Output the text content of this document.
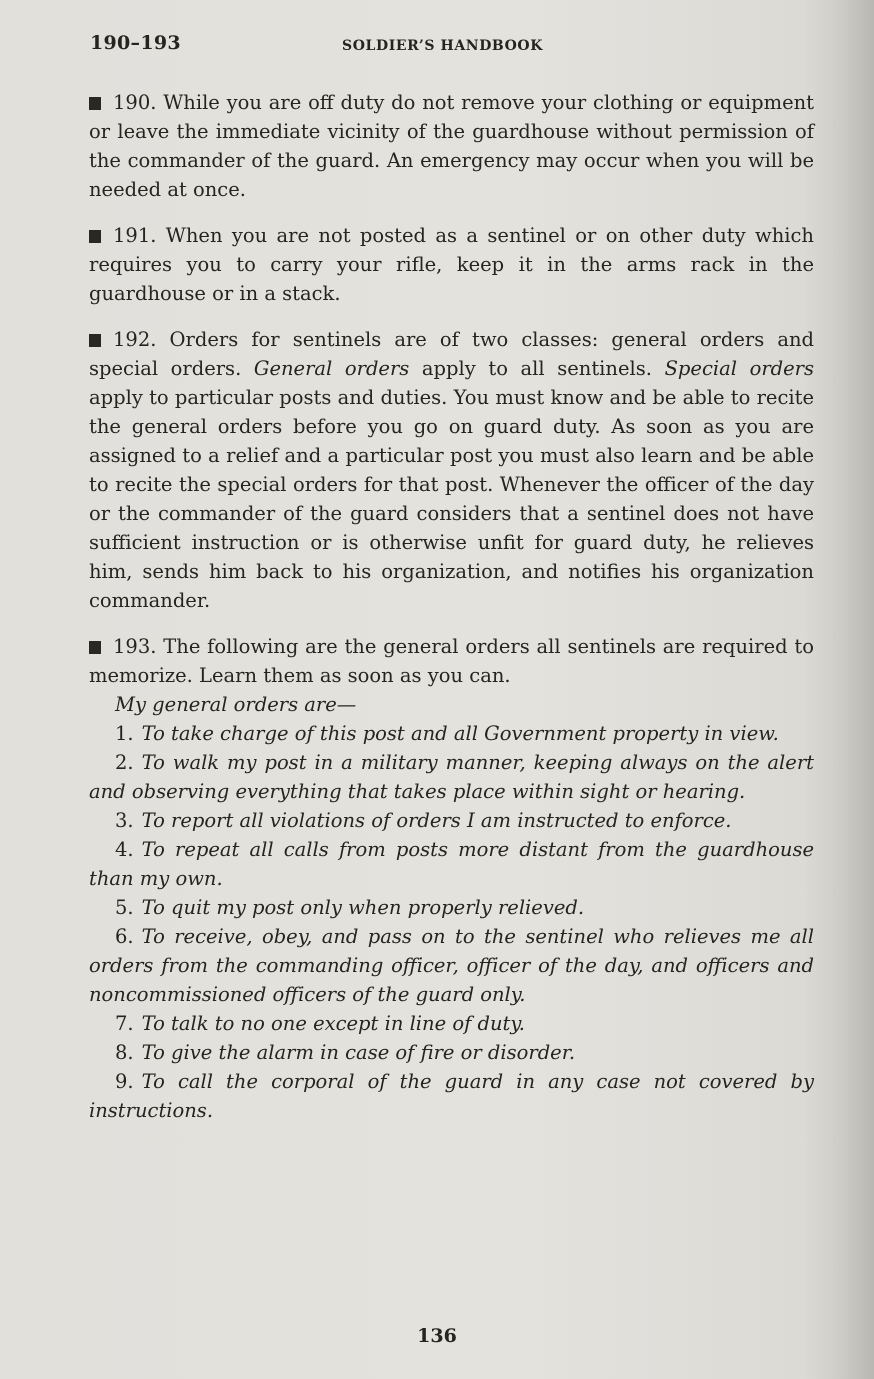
190–193	SOLDIER’S HANDBOOK

190. While you are off duty do not remove your clothing or equipment or leave the immediate vicinity of the guardhouse without permission of the commander of the guard. An emergency may occur when you will be needed at once.

191. When you are not posted as a sentinel or on other duty which requires you to carry your rifle, keep it in the arms rack in the guardhouse or in a stack.

192. Orders for sentinels are of two classes: general orders and special orders. General orders apply to all sentinels. Special orders apply to particular posts and duties. You must know and be able to recite the general orders before you go on guard duty. As soon as you are assigned to a relief and a particular post you must also learn and be able to recite the special orders for that post. Whenever the officer of the day or the commander of the guard considers that a sentinel does not have sufficient instruction or is otherwise unfit for guard duty, he relieves him, sends him back to his organization, and notifies his organization commander.

193. The following are the general orders all sentinels are required to memorize. Learn them as soon as you can.

My general orders are—

1. To take charge of this post and all Government property in view.

2. To walk my post in a military manner, keeping always on the alert and observing everything that takes place within sight or hearing.

3. To report all violations of orders I am instructed to enforce.

4. To repeat all calls from posts more distant from the guardhouse than my own.

5. To quit my post only when properly relieved.

6. To receive, obey, and pass on to the sentinel who relieves me all orders from the commanding officer, officer of the day, and officers and noncommissioned officers of the guard only.

7. To talk to no one except in line of duty.

8. To give the alarm in case of fire or disorder.

9. To call the corporal of the guard in any case not covered by instructions.

136
